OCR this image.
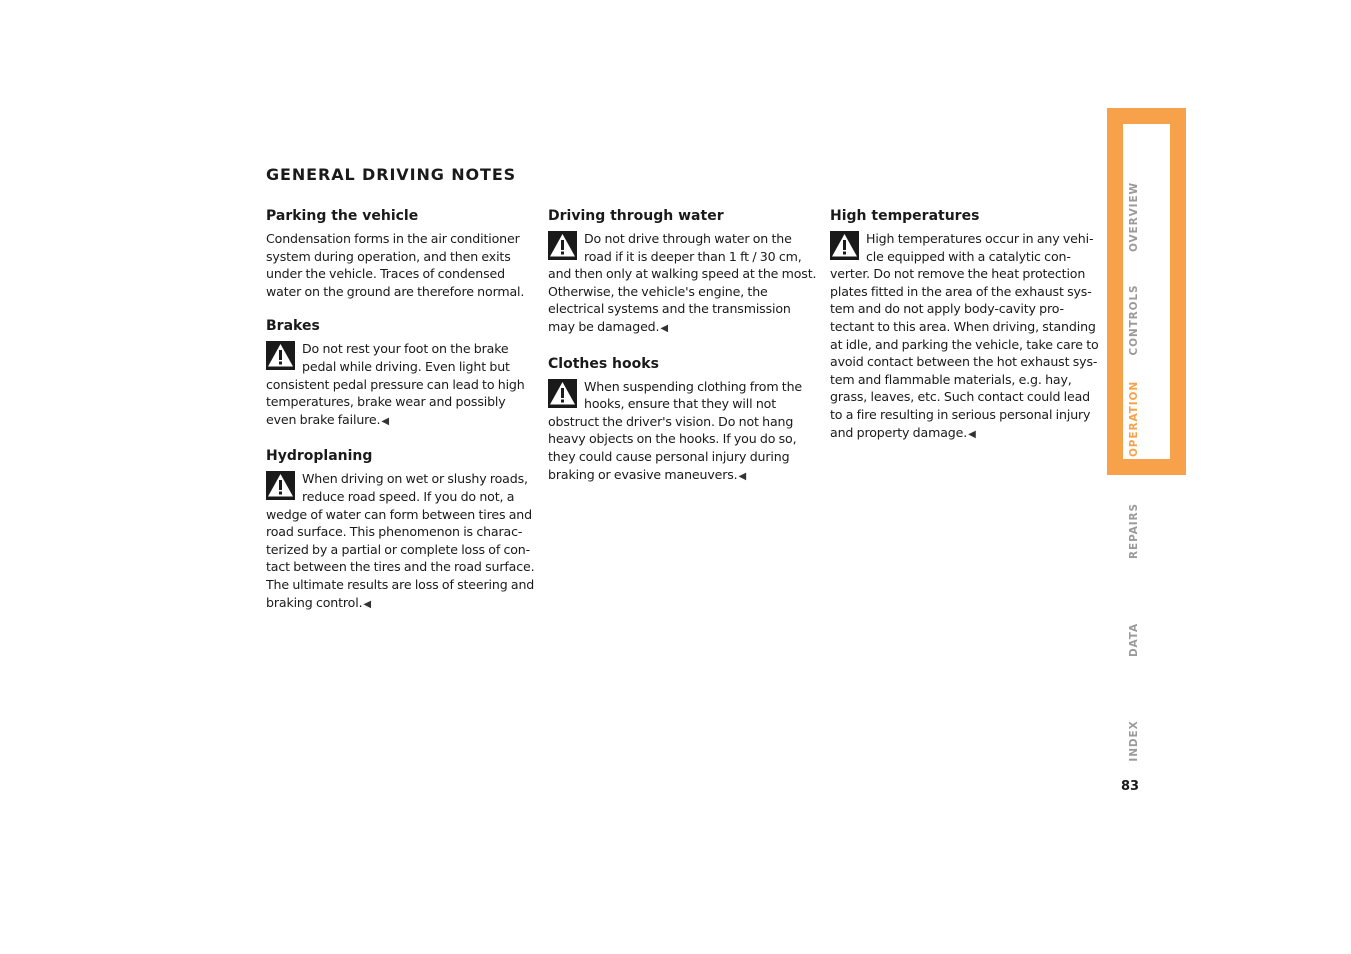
GENERAL DRIVING NOTES
Parking the vehicle

Condensation forms in the air conditioner system during operation, and then exits under the vehicle. Traces of condensed water on the ground are therefore normal.

Brakes

Do not rest your foot on the brake pedal while driving. Even light but consistent pedal pressure can lead to high temperatures, brake wear and possibly even brake failure.◀

Hydroplaning

When driving on wet or slushy roads, reduce road speed. If you do not, a wedge of water can form between tires and road surface. This phenomenon is charac-terized by a partial or complete loss of con-tact between the tires and the road surface. The ultimate results are loss of steering and braking control.◀

Driving through water

Do not drive through water on the road if it is deeper than 1 ft / 30 cm, and then only at walking speed at the most. Otherwise, the vehicle's engine, the electrical systems and the transmission may be damaged.◀

Clothes hooks

When suspending clothing from the hooks, ensure that they will not obstruct the driver's vision. Do not hang heavy objects on the hooks. If you do so, they could cause personal injury during braking or evasive maneuvers.◀

High temperatures

High temperatures occur in any vehi-cle equipped with a catalytic con-verter. Do not remove the heat protection plates fitted in the area of the exhaust sys-tem and do not apply body-cavity pro-tectant to this area. When driving, standing at idle, and parking the vehicle, take care to avoid contact between the hot exhaust sys-tem and flammable materials, e.g. hay, grass, leaves, etc. Such contact could lead to a fire resulting in serious personal injury and property damage.◀

OVERVIEW
CONTROLS
OPERATION
REPAIRS
DATA
INDEX
83
